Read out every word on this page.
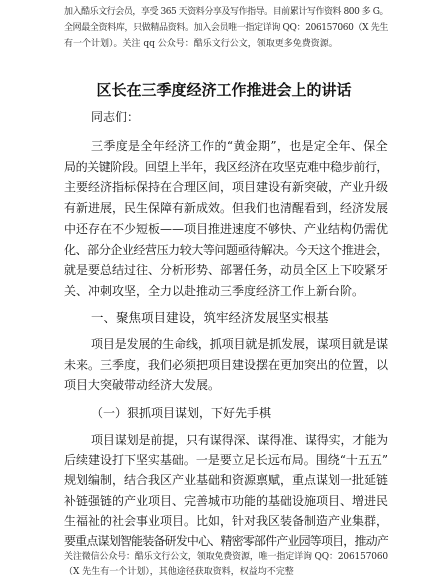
加入酷乐文行会员，享受 365 天资料分享及写作指导。目前累计写作资料 800 多 G。
全网最全资料库，只做精品资料。加入会员唯一指定详询 QQ：206157060（X 先生
有一个计划）。关注 qq 公众号：酷乐文行公文，领取更多免费资源。
区长在三季度经济工作推进会上的讲话
同志们：
三季度是全年经济工作的“黄金期”，也是定全年、保全
局的关键阶段。回望上半年，我区经济在攻坚克难中稳步前行，
主要经济指标保持在合理区间，项目建设有新突破，产业升级
有新进展，民生保障有新成效。但我们也清醒看到，经济发展
中还存在不少短板——项目推进速度不够快、产业结构仍需优
化、部分企业经营压力较大等问题亟待解决。今天这个推进会，
就是要总结过往、分析形势、部署任务，动员全区上下咬紧牙
关、冲刺攻坚，全力以赴推动三季度经济工作上新台阶。
一、聚焦项目建设，筑牢经济发展坚实根基
项目是发展的生命线，抓项目就是抓发展，谋项目就是谋
未来。三季度，我们必须把项目建设摆在更加突出的位置，以
项目大突破带动经济大发展。
（一）狠抓项目谋划，下好先手棋
项目谋划是前提，只有谋得深、谋得准、谋得实，才能为
后续建设打下坚实基础。一是要立足长远布局。围绕“十五五”
规划编制，结合我区产业基础和资源禀赋，重点谋划一批延链
补链强链的产业项目、完善城市功能的基础设施项目、增进民
生福祉的社会事业项目。比如，针对我区装备制造产业集群，
要重点谋划智能装备研发中心、精密零部件产业园等项目，推动产
关注微信公众号：酷乐文行公文，领取免费资源，唯一指定详询 QQ：206157060
（X 先生有一个计划），其他途径获取资料，权益均不完整
